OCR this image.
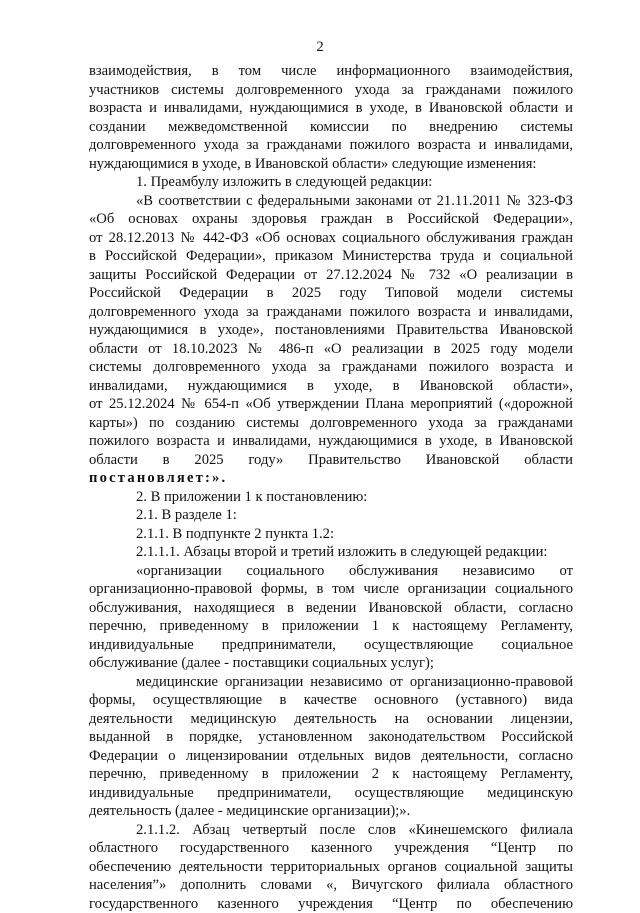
2
взаимодействия, в том числе информационного взаимодействия,
участников системы долговременного ухода за гражданами пожилого
возраста и инвалидами, нуждающимися в уходе, в Ивановской области и
создании межведомственной комиссии по внедрению системы
долговременного ухода за гражданами пожилого возраста и инвалидами,
нуждающимися в уходе, в Ивановской области» следующие изменения:
1. Преамбулу изложить в следующей редакции:
«В соответствии с федеральными законами от 21.11.2011 № 323-ФЗ
«Об основах охраны здоровья граждан в Российской Федерации»,
от 28.12.2013 № 442-ФЗ «Об основах социального обслуживания граждан
в Российской Федерации», приказом Министерства труда и социальной
защиты Российской Федерации от 27.12.2024 № 732 «О реализации в
Российской Федерации в 2025 году Типовой модели системы
долговременного ухода за гражданами пожилого возраста и инвалидами,
нуждающимися в уходе», постановлениями Правительства Ивановской
области от 18.10.2023 № 486-п «О реализации в 2025 году модели
системы долговременного ухода за гражданами пожилого возраста и
инвалидами, нуждающимися в уходе, в Ивановской области»,
от 25.12.2024 № 654-п «Об утверждении Плана мероприятий («дорожной
карты») по созданию системы долговременного ухода за гражданами
пожилого возраста и инвалидами, нуждающимися в уходе, в Ивановской
области в 2025 году» Правительство Ивановской области
постановляет:».
2. В приложении 1 к постановлению:
2.1. В разделе 1:
2.1.1. В подпункте 2 пункта 1.2:
2.1.1.1. Абзацы второй и третий изложить в следующей редакции:
«организации социального обслуживания независимо от
организационно-правовой формы, в том числе организации социального
обслуживания, находящиеся в ведении Ивановской области, согласно
перечню, приведенному в приложении 1 к настоящему Регламенту,
индивидуальные предприниматели, осуществляющие социальное
обслуживание (далее - поставщики социальных услуг);
медицинские организации независимо от организационно-правовой
формы, осуществляющие в качестве основного (уставного) вида
деятельности медицинскую деятельность на основании лицензии,
выданной в порядке, установленном законодательством Российской
Федерации о лицензировании отдельных видов деятельности, согласно
перечню, приведенному в приложении 2 к настоящему Регламенту,
индивидуальные предприниматели, осуществляющие медицинскую
деятельность (далее - медицинские организации);».
2.1.1.2. Абзац четвертый после слов «Кинешемского филиала
областного государственного казенного учреждения “Центр по
обеспечению деятельности территориальных органов социальной защиты
населения”» дополнить словами «, Вичугского филиала областного
государственного казенного учреждения “Центр по обеспечению
